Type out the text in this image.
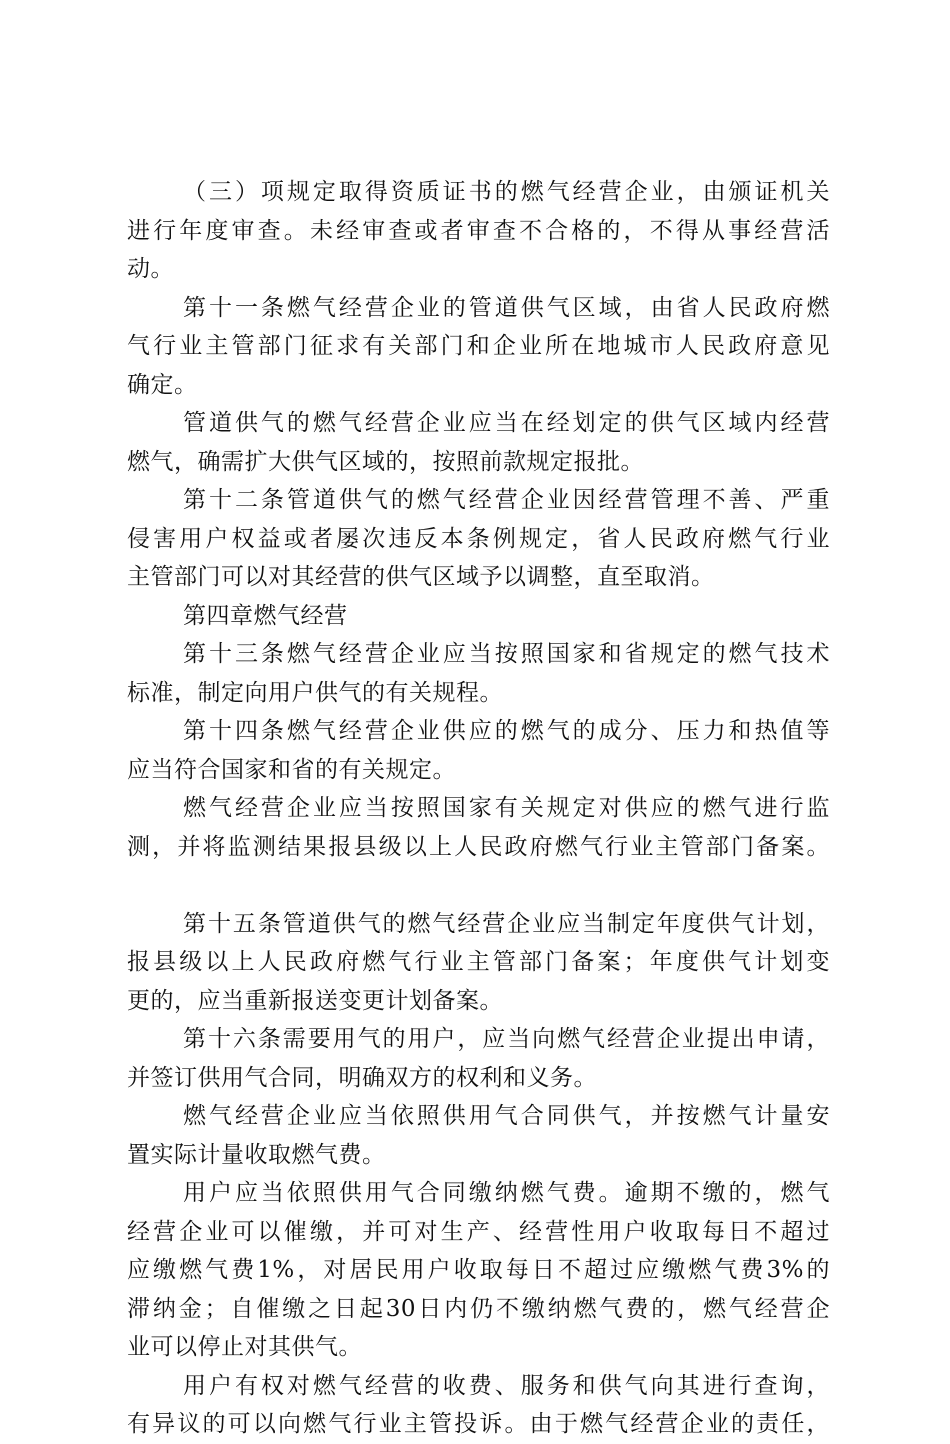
（三）项规定取得资质证书的燃气经营企业，由颁证机关
进行年度审查。未经审查或者审查不合格的，不得从事经营活
动。
第十一条燃气经营企业的管道供气区域，由省人民政府燃
气行业主管部门征求有关部门和企业所在地城市人民政府意见
确定。
管道供气的燃气经营企业应当在经划定的供气区域内经营
燃气，确需扩大供气区域的，按照前款规定报批。
第十二条管道供气的燃气经营企业因经营管理不善、严重
侵害用户权益或者屡次违反本条例规定，省人民政府燃气行业
主管部门可以对其经营的供气区域予以调整，直至取消。
第四章燃气经营
第十三条燃气经营企业应当按照国家和省规定的燃气技术
标准，制定向用户供气的有关规程。
第十四条燃气经营企业供应的燃气的成分、压力和热值等
应当符合国家和省的有关规定。
燃气经营企业应当按照国家有关规定对供应的燃气进行监
测，并将监测结果报县级以上人民政府燃气行业主管部门备案。
第十五条管道供气的燃气经营企业应当制定年度供气计划，
报县级以上人民政府燃气行业主管部门备案；年度供气计划变
更的，应当重新报送变更计划备案。
第十六条需要用气的用户，应当向燃气经营企业提出申请，
并签订供用气合同，明确双方的权利和义务。
燃气经营企业应当依照供用气合同供气，并按燃气计量安
置实际计量收取燃气费。
用户应当依照供用气合同缴纳燃气费。逾期不缴的，燃气
经营企业可以催缴，并可对生产、经营性用户收取每日不超过
应缴燃气费1%，对居民用户收取每日不超过应缴燃气费3%的
滞纳金；自催缴之日起30日内仍不缴纳燃气费的，燃气经营企
业可以停止对其供气。
用户有权对燃气经营的收费、服务和供气向其进行查询，
有异议的可以向燃气行业主管投诉。由于燃气经营企业的责任，
